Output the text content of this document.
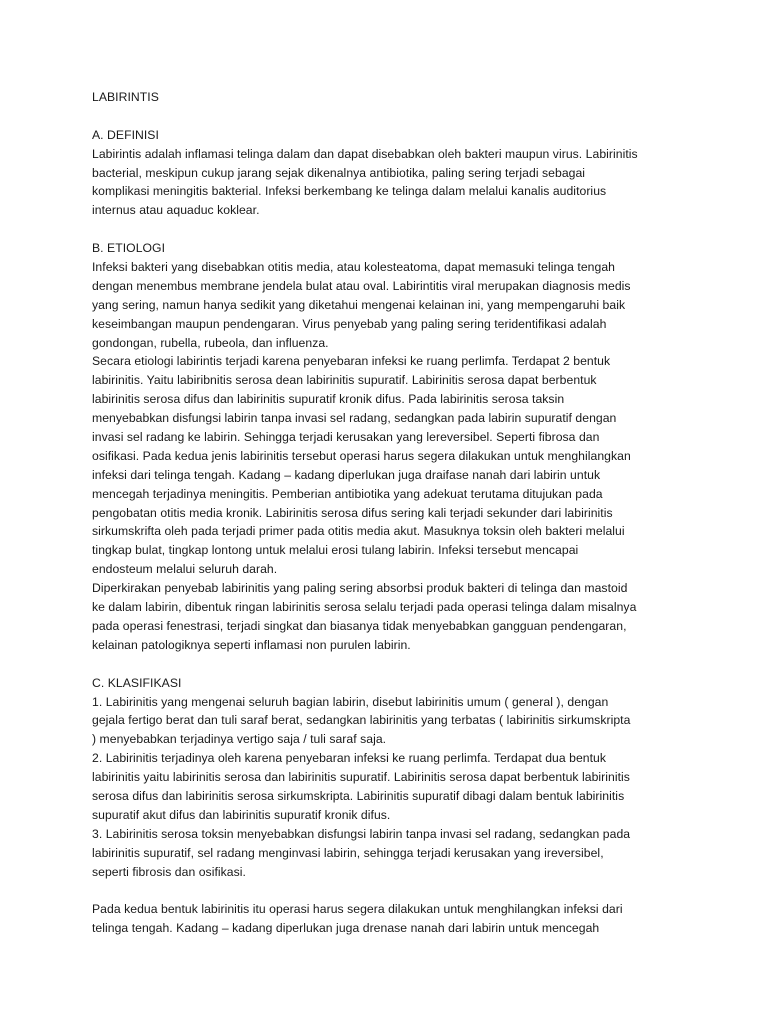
LABIRINTIS
A. DEFINISI
Labirintis adalah inflamasi telinga dalam dan dapat disebabkan oleh bakteri maupun virus. Labirinitis
bacterial, meskipun cukup jarang sejak dikenalnya antibiotika, paling sering terjadi sebagai
komplikasi meningitis bakterial. Infeksi berkembang ke telinga dalam melalui kanalis auditorius
internus atau aquaduc koklear.
B. ETIOLOGI
Infeksi bakteri yang disebabkan otitis media, atau kolesteatoma, dapat memasuki telinga tengah
dengan menembus membrane jendela bulat atau oval. Labirintitis viral merupakan diagnosis medis
yang sering, namun hanya sedikit yang diketahui mengenai kelainan ini, yang mempengaruhi baik
keseimbangan maupun pendengaran. Virus penyebab yang paling sering teridentifikasi adalah
gondongan, rubella, rubeola, dan influenza.
Secara etiologi labirintis terjadi karena penyebaran infeksi ke ruang perlimfa. Terdapat 2 bentuk
labirinitis. Yaitu labiribnitis serosa dean labirinitis supuratif. Labirinitis serosa dapat berbentuk
labirinitis serosa difus dan labirinitis supuratif kronik difus. Pada labirinitis serosa taksin
menyebabkan disfungsi labirin tanpa invasi sel radang, sedangkan pada labirin supuratif dengan
invasi sel radang ke labirin. Sehingga terjadi kerusakan yang lereversibel. Seperti fibrosa dan
osifikasi. Pada kedua jenis labirinitis tersebut operasi harus segera dilakukan untuk menghilangkan
infeksi dari telinga tengah. Kadang – kadang diperlukan juga draifase nanah dari labirin untuk
mencegah terjadinya meningitis. Pemberian antibiotika yang adekuat terutama ditujukan pada
pengobatan otitis media kronik. Labirinitis serosa difus sering kali terjadi sekunder dari labirinitis
sirkumskrifta oleh pada terjadi primer pada otitis media akut. Masuknya toksin oleh bakteri melalui
tingkap bulat, tingkap lontong untuk melalui erosi tulang labirin. Infeksi tersebut mencapai
endosteum melalui seluruh darah.
Diperkirakan penyebab labirinitis yang paling sering absorbsi produk bakteri di telinga dan mastoid
ke dalam labirin, dibentuk ringan labirinitis serosa selalu terjadi pada operasi telinga dalam misalnya
pada operasi fenestrasi, terjadi singkat dan biasanya tidak menyebabkan gangguan pendengaran,
kelainan patologiknya seperti inflamasi non purulen labirin.
C. KLASIFIKASI
1. Labirinitis yang mengenai seluruh bagian labirin, disebut labirinitis umum ( general ), dengan
gejala fertigo berat dan tuli saraf berat, sedangkan labirinitis yang terbatas ( labirinitis sirkumskripta
) menyebabkan terjadinya vertigo saja / tuli saraf saja.
2. Labirinitis terjadinya oleh karena penyebaran infeksi ke ruang perlimfa. Terdapat dua bentuk
labirinitis yaitu labirinitis serosa dan labirinitis supuratif. Labirinitis serosa dapat berbentuk labirinitis
serosa difus dan labirinitis serosa sirkumskripta. Labirinitis supuratif dibagi dalam bentuk labirinitis
supuratif akut difus dan labirinitis supuratif kronik difus.
3. Labirinitis serosa toksin menyebabkan disfungsi labirin tanpa invasi sel radang, sedangkan pada
labirinitis supuratif, sel radang menginvasi labirin, sehingga terjadi kerusakan yang ireversibel,
seperti fibrosis dan osifikasi.
Pada kedua bentuk labirinitis itu operasi harus segera dilakukan untuk menghilangkan infeksi dari
telinga tengah. Kadang – kadang diperlukan juga drenase nanah dari labirin untuk mencegah
